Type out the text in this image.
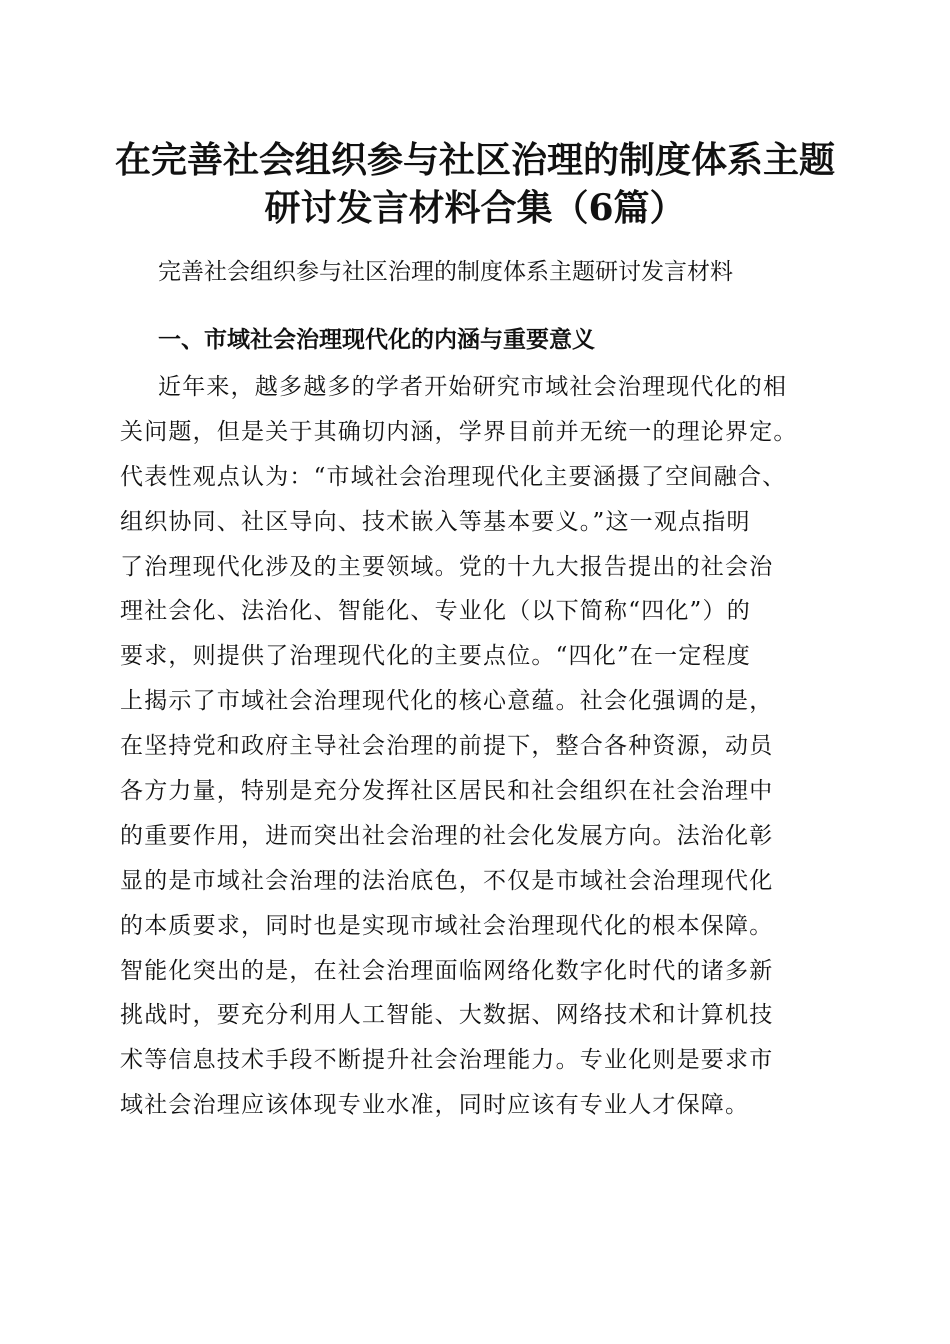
在完善社会组织参与社区治理的制度体系主题
研讨发言材料合集（6篇）

完善社会组织参与社区治理的制度体系主题研讨发言材料

一、市域社会治理现代化的内涵与重要意义
近年来，越多越多的学者开始研究市域社会治理现代化的相
关问题，但是关于其确切内涵，学界目前并无统一的理论界定。
代表性观点认为：“市域社会治理现代化主要涵摄了空间融合、
组织协同、社区导向、技术嵌入等基本要义。”这一观点指明
了治理现代化涉及的主要领域。党的十九大报告提出的社会治
理社会化、法治化、智能化、专业化（以下简称“四化”）的
要求，则提供了治理现代化的主要点位。“四化”在一定程度
上揭示了市域社会治理现代化的核心意蕴。社会化强调的是，
在坚持党和政府主导社会治理的前提下，整合各种资源，动员
各方力量，特别是充分发挥社区居民和社会组织在社会治理中
的重要作用，进而突出社会治理的社会化发展方向。法治化彰
显的是市域社会治理的法治底色，不仅是市域社会治理现代化
的本质要求，同时也是实现市域社会治理现代化的根本保障。
智能化突出的是，在社会治理面临网络化数字化时代的诸多新
挑战时，要充分利用人工智能、大数据、网络技术和计算机技
术等信息技术手段不断提升社会治理能力。专业化则是要求市
域社会治理应该体现专业水准，同时应该有专业人才保障。
